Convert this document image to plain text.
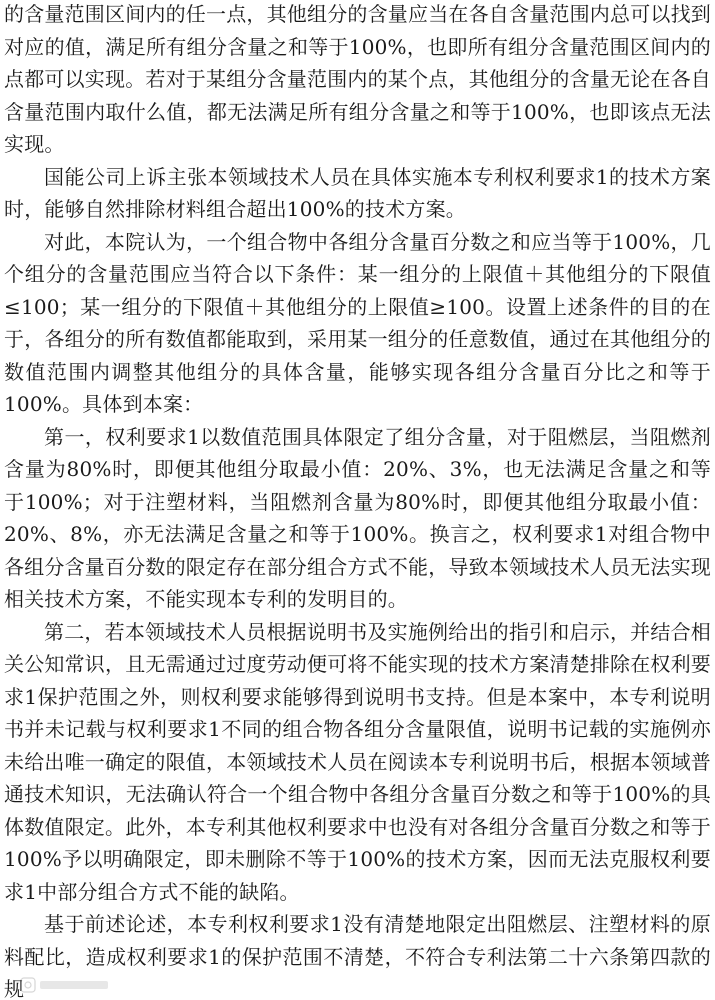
的含量范围区间内的任一点，其他组分的含量应当在各自含量范围内总可以找到对应的值，满足所有组分含量之和等于100%，也即所有组分含量范围区间内的点都可以实现。若对于某组分含量范围内的某个点，其他组分的含量无论在各自含量范围内取什么值，都无法满足所有组分含量之和等于100%，也即该点无法实现。

国能公司上诉主张本领域技术人员在具体实施本专利权利要求1的技术方案时，能够自然排除材料组合超出100%的技术方案。

对此，本院认为，一个组合物中各组分含量百分数之和应当等于100%，几个组分的含量范围应当符合以下条件：某一组分的上限值＋其他组分的下限值≤100；某一组分的下限值＋其他组分的上限值≥100。设置上述条件的目的在于，各组分的所有数值都能取到，采用某一组分的任意数值，通过在其他组分的数值范围内调整其他组分的具体含量，能够实现各组分含量百分比之和等于100%。具体到本案：

第一，权利要求1以数值范围具体限定了组分含量，对于阻燃层，当阻燃剂含量为80%时，即便其他组分取最小值：20%、3%，也无法满足含量之和等于100%；对于注塑材料，当阻燃剂含量为80%时，即便其他组分取最小值：20%、8%，亦无法满足含量之和等于100%。换言之，权利要求1对组合物中各组分含量百分数的限定存在部分组合方式不能，导致本领域技术人员无法实现相关技术方案，不能实现本专利的发明目的。

第二，若本领域技术人员根据说明书及实施例给出的指引和启示，并结合相关公知常识，且无需通过过度劳动便可将不能实现的技术方案清楚排除在权利要求1保护范围之外，则权利要求能够得到说明书支持。但是本案中，本专利说明书并未记载与权利要求1不同的组合物各组分含量限值，说明书记载的实施例亦未给出唯一确定的限值，本领域技术人员在阅读本专利说明书后，根据本领域普通技术知识，无法确认符合一个组合物中各组分含量百分数之和等于100%的具体数值限定。此外，本专利其他权利要求中也没有对各组分含量百分数之和等于100%予以明确限定，即未删除不等于100%的技术方案，因而无法克服权利要求1中部分组合方式不能的缺陷。

基于前述论述，本专利权利要求1没有清楚地限定出阻燃层、注塑材料的原料配比，造成权利要求1的保护范围不清楚，不符合专利法第二十六条第四款的规
